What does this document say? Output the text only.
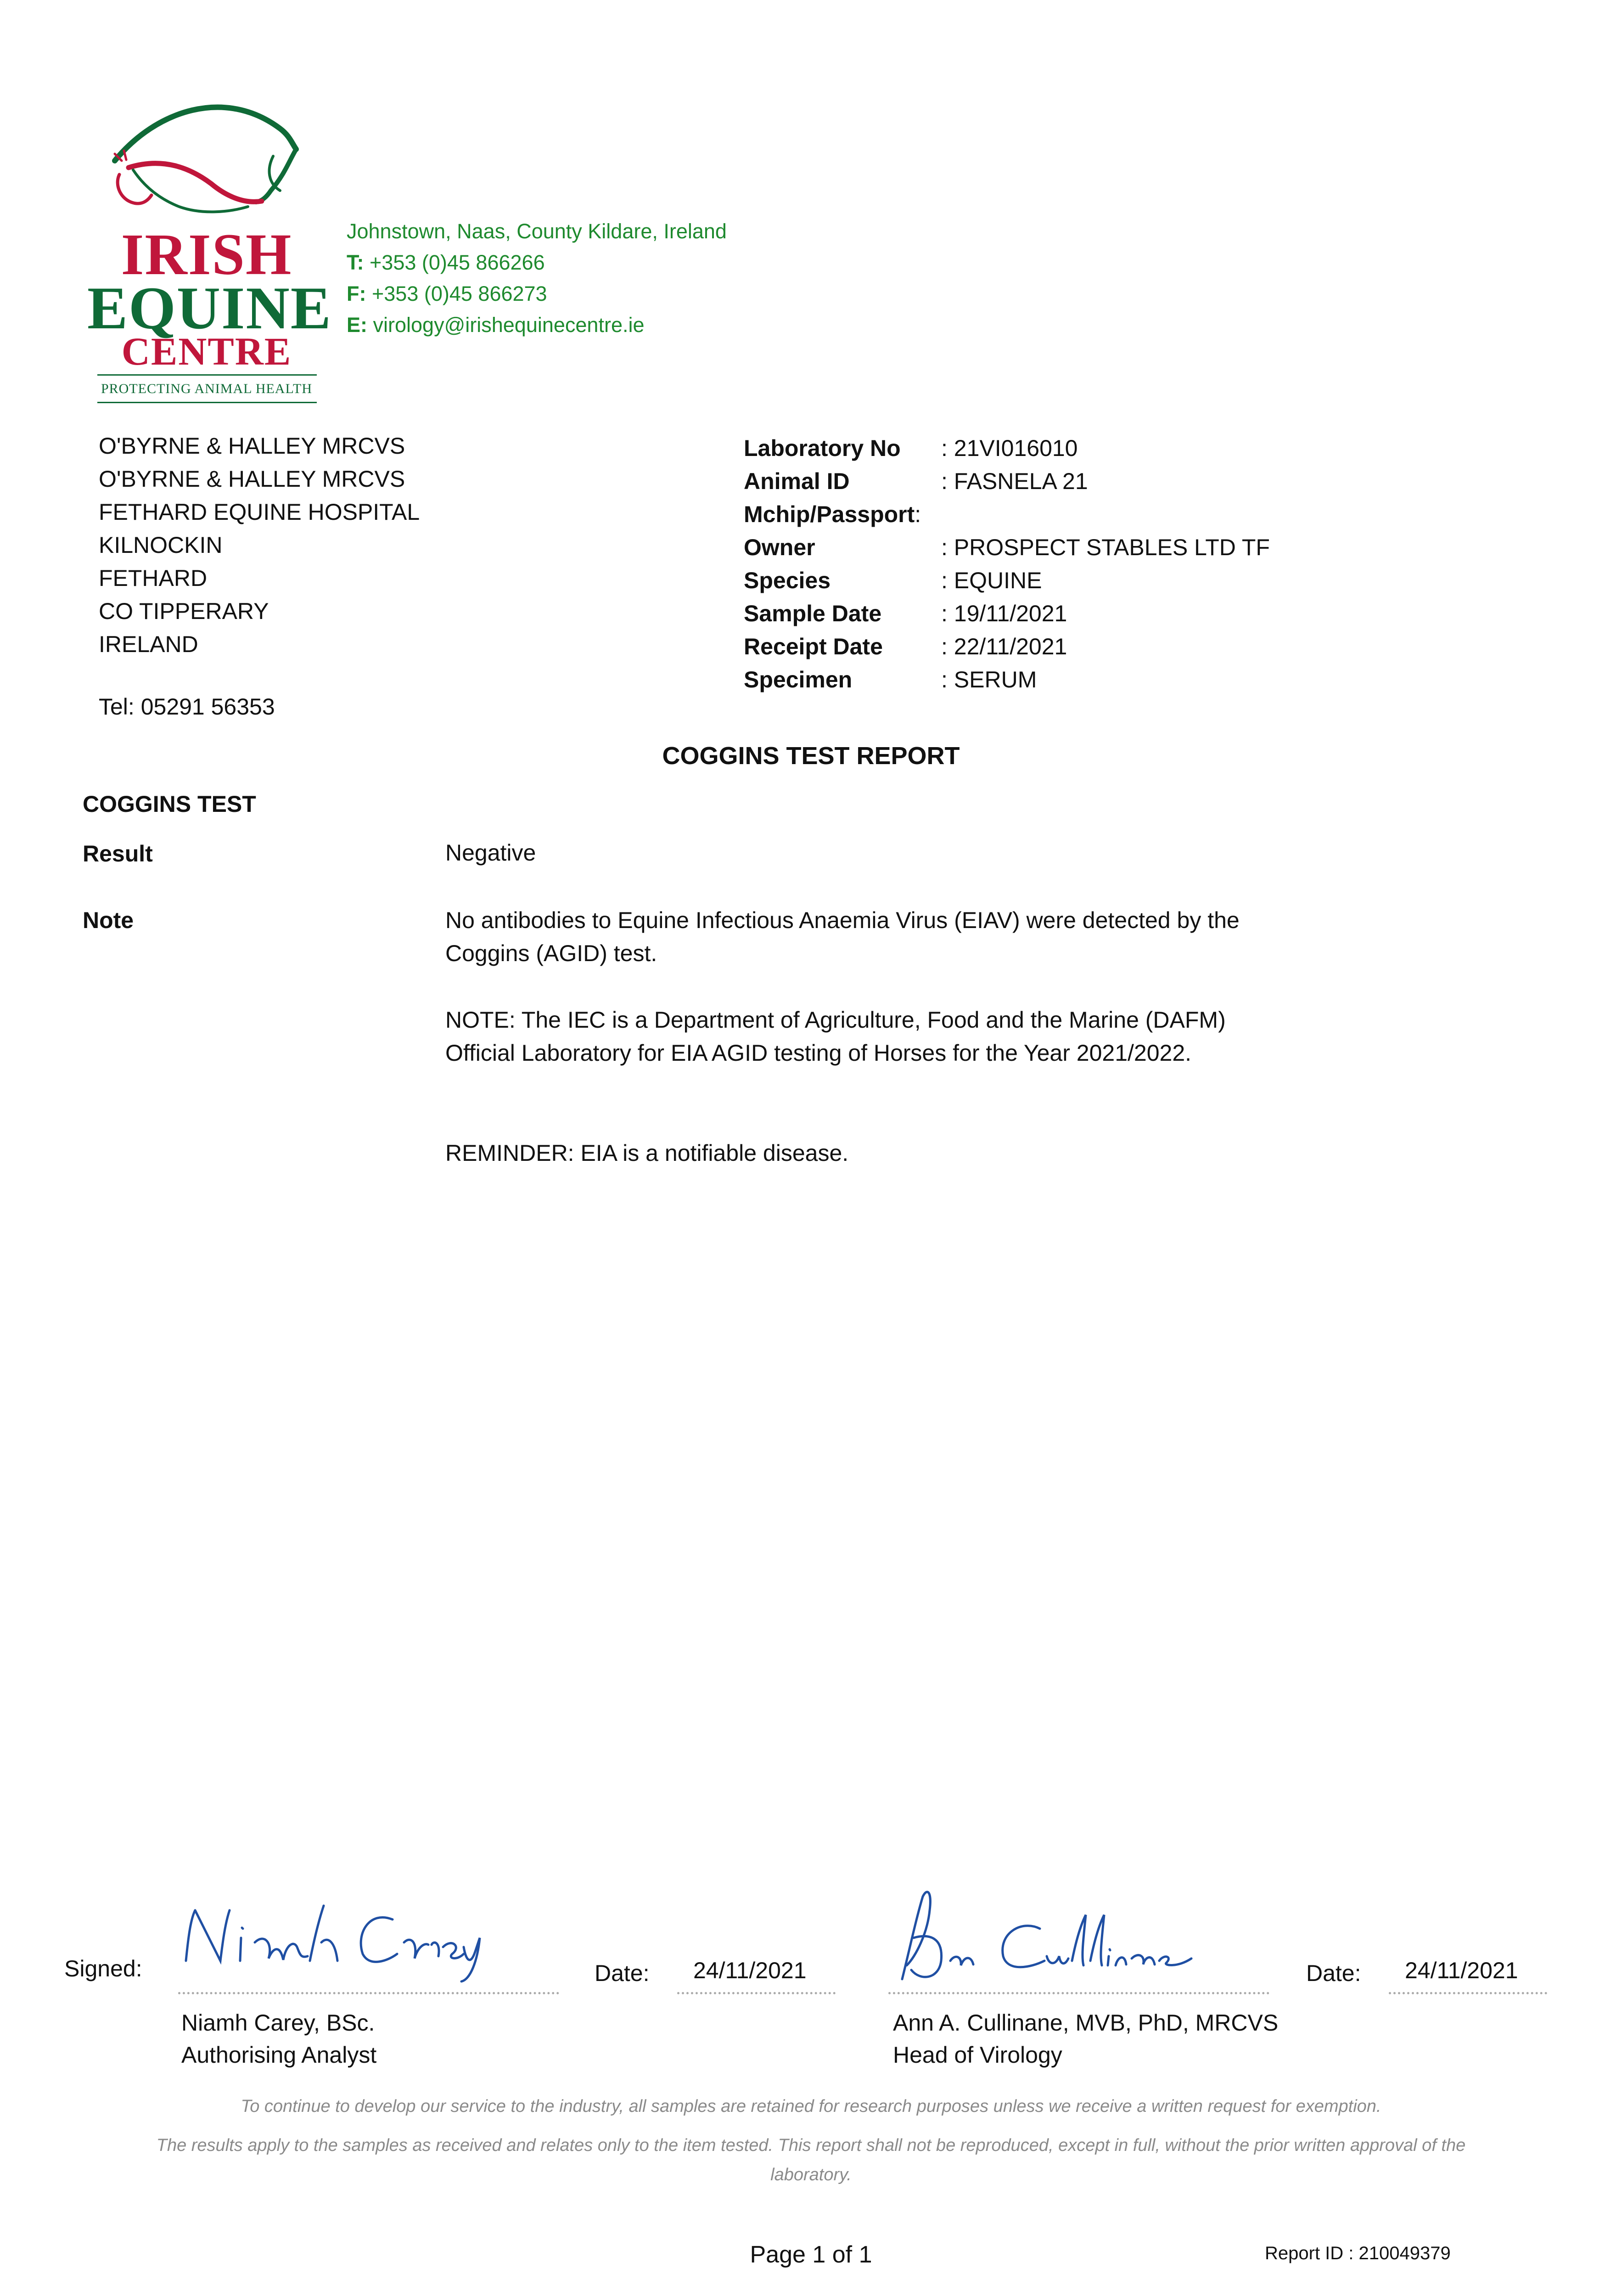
IRISH
EQUINE
CENTRE
PROTECTING ANIMAL HEALTH
Johnstown, Naas, County Kildare, Ireland
T: +353 (0)45 866266
F: +353 (0)45 866273
E: virology@irishequinecentre.ie
O'BYRNE & HALLEY MRCVS
O'BYRNE & HALLEY MRCVS
FETHARD EQUINE HOSPITAL
KILNOCKIN
FETHARD
CO TIPPERARY
IRELAND
Tel: 05291 56353
Laboratory No : 21VI016010
Animal ID	: FASNELA 21
Mchip/Passport:
Owner	: PROSPECT STABLES LTD TF
Species	: EQUINE
Sample Date	: 19/11/2021
Receipt Date	: 22/11/2021
Specimen	: SERUM
COGGINS TEST REPORT
COGGINS TEST
Result	Negative
Note	No antibodies to Equine Infectious Anaemia Virus (EIAV) were detected by the Coggins (AGID) test.
NOTE: The IEC is a Department of Agriculture, Food and the Marine (DAFM) Official Laboratory for EIA AGID testing of Horses for the Year 2021/2022.
REMINDER: EIA is a notifiable disease.
Signed:	Date: 24/11/2021
Niamh Carey, BSc.
Authorising Analyst
Date: 24/11/2021
Ann A. Cullinane, MVB, PhD, MRCVS
Head of Virology
To continue to develop our service to the industry, all samples are retained for research purposes unless we receive a written request for exemption.
The results apply to the samples as received and relates only to the item tested. This report shall not be reproduced, except in full, without the prior written approval of the laboratory.
Page 1 of 1	Report ID : 210049379
